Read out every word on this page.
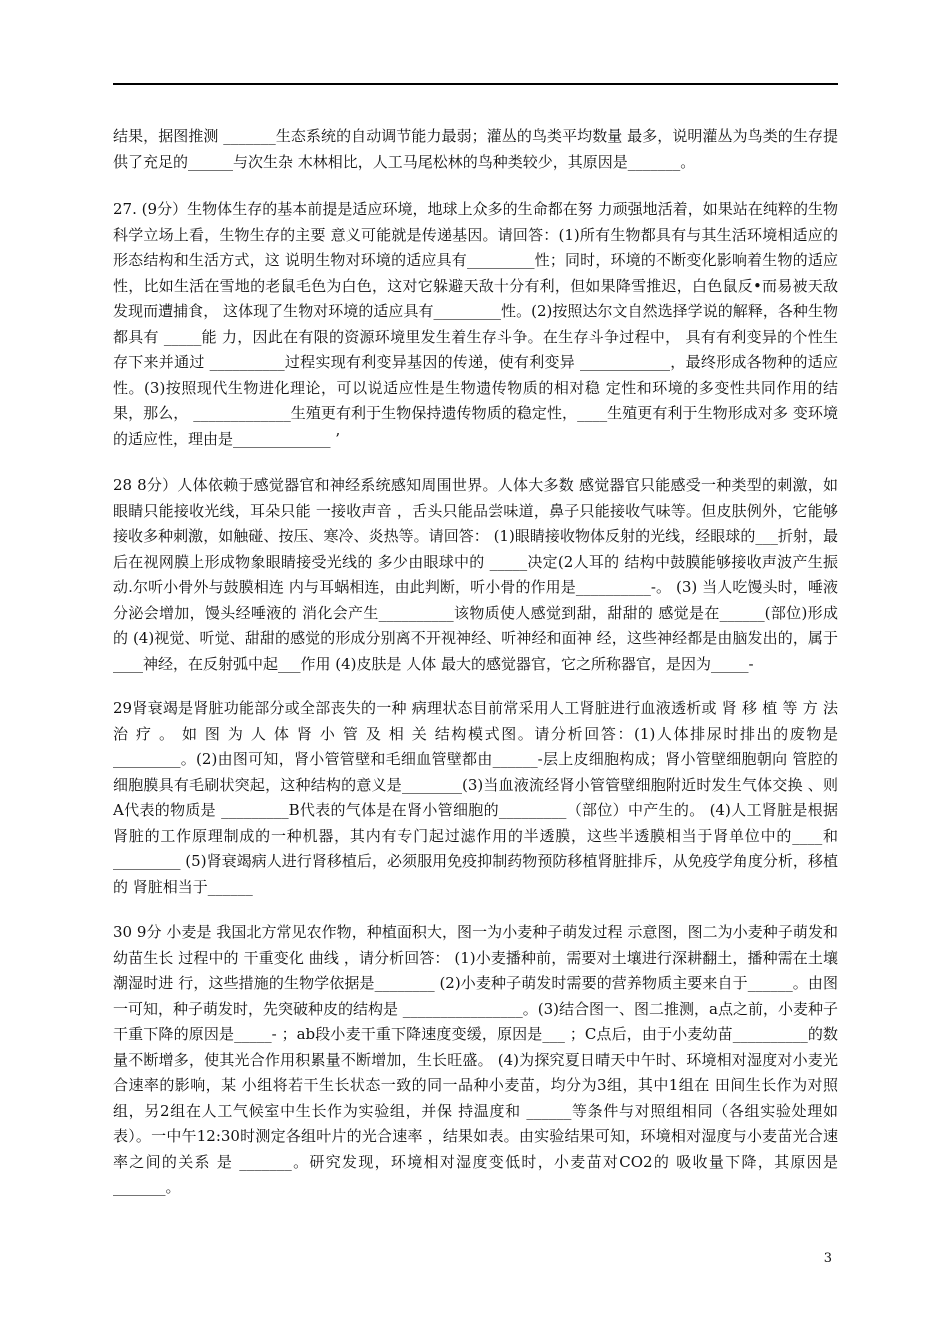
结果，据图推测 _______生态系统的自动调节能力最弱；灌丛的鸟类平均数量 最多，说明灌丛为鸟类的生存提供了充足的______与次生杂 木林相比，人工马尾松林的鸟种类较少，其原因是_______。

27. (9分）生物体生存的基本前提是适应环境，地球上众多的生命都在努 力顽强地活着，如果站在纯粹的生物科学立场上看，生物生存的主要 意义可能就是传递基因。请回答：(1)所有生物都具有与其生活环境相适应的形态结构和生活方式，这 说明生物对环境的适应具有_________性；同时，环境的不断变化影响着生物的适应性，比如生活在雪地的老鼠毛色为白色，这对它躲避天敌十分有利，但如果降雪推迟，白色鼠反•而易被天敌发现而遭捕食， 这体现了生物对环境的适应具有_________性。(2)按照达尔文自然选择学说的解释，各种生物都具有 _____能 力，因此在有限的资源环境里发生着生存斗争。在生存斗争过程中， 具有有利变异的个性生存下来并通过 __________过程实现有利变异基因的传递，使有利变异 ____________，最终形成各物种的适应性。(3)按照现代生物进化理论，可以说适应性是生物遗传物质的相对稳 定性和环境的多变性共同作用的结果，那么， _____________生殖更有利于生物保持遗传物质的稳定性，____生殖更有利于生物形成对多 变环境的适应性，理由是_____________ ’

28 8分）人体依赖于感觉器官和神经系统感知周围世界。人体大多数 感觉器官只能感受一种类型的刺激，如眼睛只能接收光线，耳朵只能 一接收声音 ，舌头只能品尝味道，鼻子只能接收气味等。但皮肤例外，它能够接收多种刺激，如触碰、按压、寒冷、炎热等。请回答： (1)眼睛接收物体反射的光线，经眼球的___折射，最后在视网膜上形成物象眼睛接受光线的 多少由眼球中的 _____决定(2人耳的 结构中鼓膜能够接收声波产生振动.尔听小骨外与鼓膜相连 内与耳蜗相连，由此判断，听小骨的作用是__________-。 (3) 当人吃馒头时，唾液分泌会增加，馒头经唾液的 消化会产生__________该物质使人感觉到甜，甜甜的 感觉是在______(部位)形成的 (4)视觉、听觉、甜甜的感觉的形成分别离不开视神经、听神经和面神 经，这些神经都是由脑发出的，属于____神经，在反射弧中起___作用 (4)皮肤是 人体 最大的感觉器官，它之所称器官，是因为_____-

29肾衰竭是肾脏功能部分或全部丧失的一种 病理状态目前常采用人工肾脏进行血液透析或 肾 移 植 等 方 法 治 疗 。 如 图 为 人 体 肾 小 管 及 相 关 结构模式图。请分析回答：(1)人体排尿时排出的废物是_________。(2)由图可知，肾小管管壁和毛细血管壁都由______-层上皮细胞构成；肾小管壁细胞朝向 管腔的细胞膜具有毛刷状突起，这种结构的意义是________(3)当血液流经肾小管管壁细胞附近时发生气体交换 、则A代表的物质是 _________B代表的气体是在肾小管细胞的_________（部位）中产生的。 (4)人工肾脏是根据肾脏的工作原理制成的一种机器，其内有专门起过滤作用的半透膜，这些半透膜相当于肾单位中的____和_________ (5)肾衰竭病人进行肾移植后，必须服用免疫抑制药物预防移植肾脏排斥，从免疫学角度分析，移植的 肾脏相当于______

30 9分 小麦是 我国北方常见农作物，种植面积大，图一为小麦种子萌发过程 示意图，图二为小麦种子萌发和幼苗生长 过程中的 干重变化 曲线 ，请分析回答： (1)小麦播种前，需要对土壤进行深耕翻土，播种需在土壤潮湿时进 行，这些措施的生物学依据是________ (2)小麦种子萌发时需要的营养物质主要来自于______。由图一可知，种子萌发时，先突破种皮的结构是 ________________。(3)结合图一、图二推测，a点之前，小麦种子干重下降的原因是_____- ；ab段小麦干重下降速度变缓，原因是___ ；C点后，由于小麦幼苗__________的数量不断增多，使其光合作用积累量不断增加，生长旺盛。 (4)为探究夏日晴天中午时、环境相对湿度对小麦光合速率的影响，某 小组将若干生长状态一致的同一品种小麦苗，均分为3组，其中1组在 田间生长作为对照组，另2组在人工气候室中生长作为实验组，并保 持温度和 ______等条件与对照组相同（各组实验处理如表）。一中午12:30时测定各组叶片的光合速率 ，结果如表。由实验结果可知，环境相对湿度与小麦苗光合速率之间的关系 是 _______。研究发现，环境相对湿度变低时，小麦苗对CO2的 吸收量下降，其原因是_______。

3
